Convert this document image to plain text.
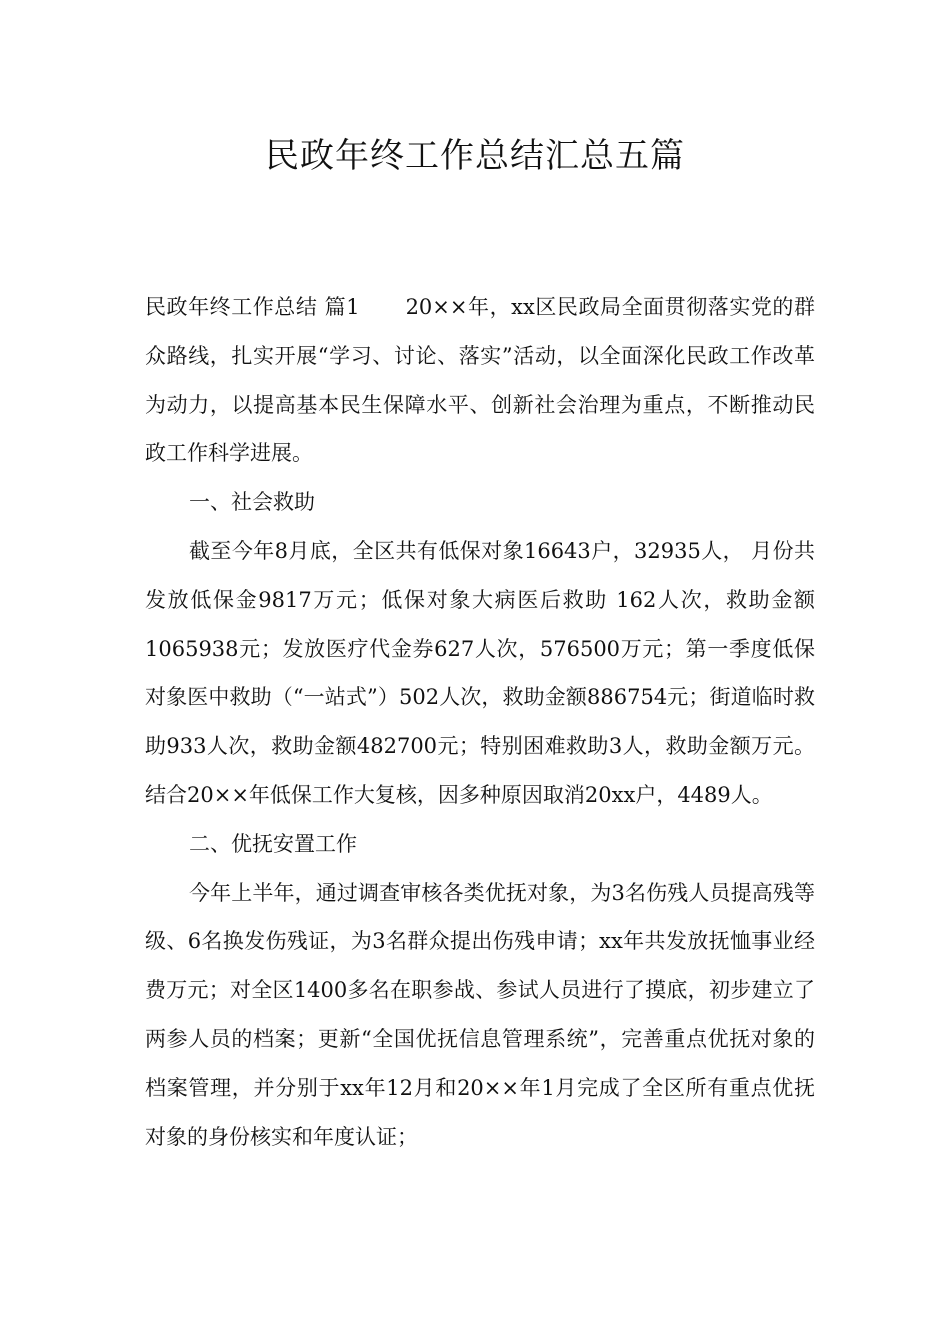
民政年终工作总结汇总五篇

民政年终工作总结 篇1 20××年，xx区民政局全面贯彻落实党的群众路线，扎实开展“学习、讨论、落实”活动，以全面深化民政工作改革为动力，以提高基本民生保障水平、创新社会治理为重点，不断推动民政工作科学进展。

一、社会救助

截至今年8月底，全区共有低保对象16643户，32935人， 月份共发放低保金9817万元；低保对象大病医后救助 162人次，救助金额1065938元；发放医疗代金券627人次，576500万元；第一季度低保对象医中救助（“一站式”）502人次，救助金额886754元；街道临时救助933人次，救助金额482700元；特别困难救助3人，救助金额万元。结合20××年低保工作大复核，因多种原因取消20xx户，4489人。

二、优抚安置工作

今年上半年，通过调查审核各类优抚对象，为3名伤残人员提高残等级、6名换发伤残证，为3名群众提出伤残申请；xx年共发放抚恤事业经费万元；对全区1400多名在职参战、参试人员进行了摸底，初步建立了两参人员的档案；更新“全国优抚信息管理系统”，完善重点优抚对象的档案管理，并分别于xx年12月和20××年1月完成了全区所有重点优抚对象的身份核实和年度认证；
